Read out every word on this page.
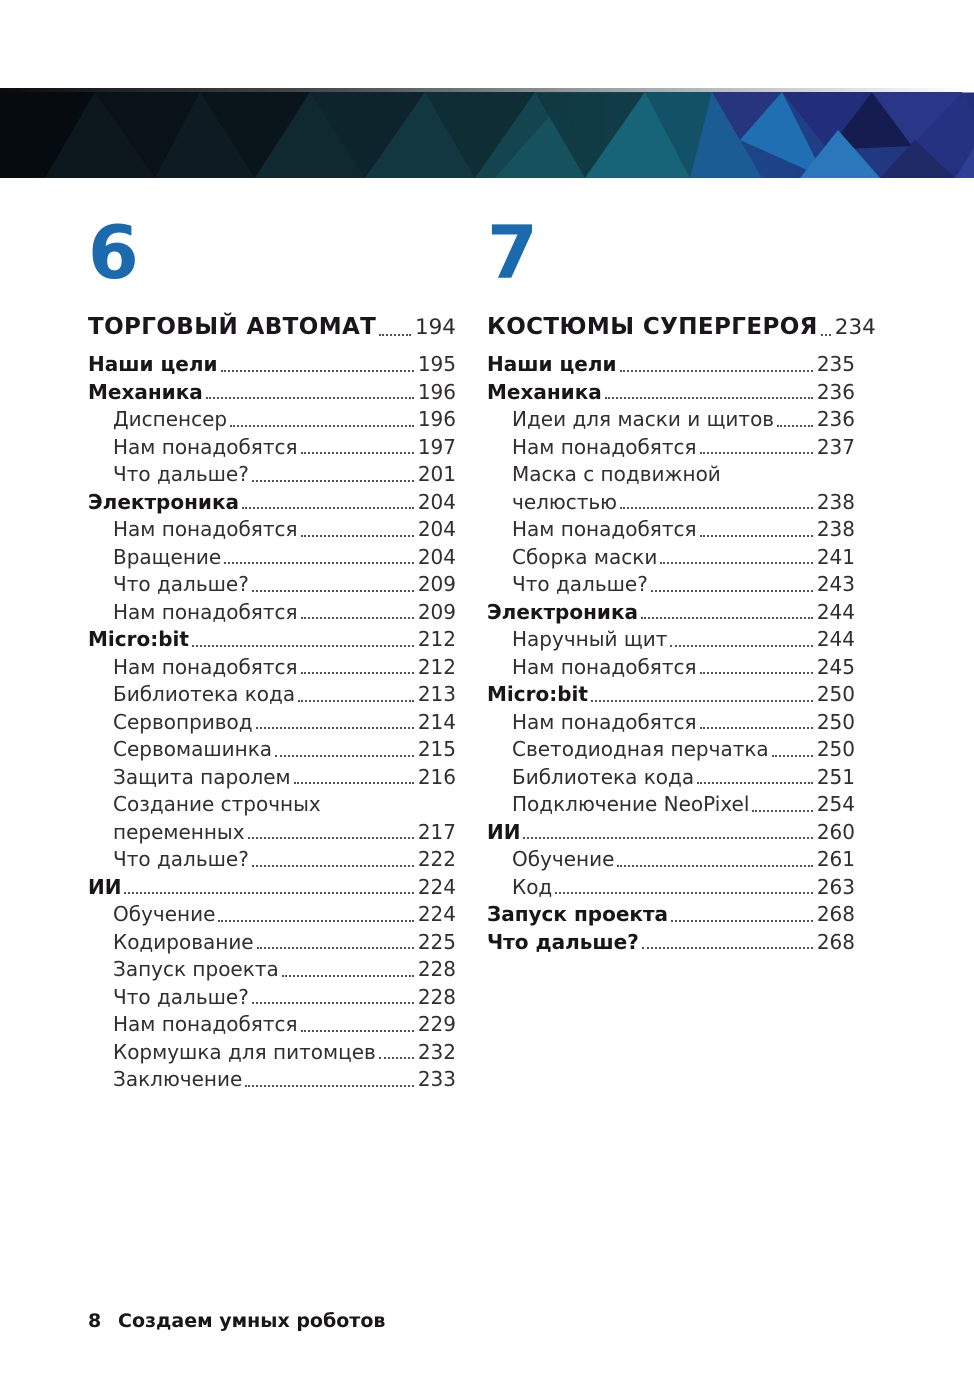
6
ТОРГОВЫЙ АВТОМАТ 194
Наши цели	195
Механика	196
Диспенсер	196
Нам понадобятся	197
Что дальше?	201
Электроника	204
Нам понадобятся	204
Вращение	204
Что дальше?	209
Нам понадобятся	209
Micro:bit	212
Нам понадобятся	212
Библиотека кода	213
Сервопривод	214
Сервомашинка	215
Защита паролем	216
Создание строчных
переменных	217
Что дальше?	222
ИИ	224
Обучение	224
Кодирование	225
Запуск проекта	228
Что дальше?	228
Нам понадобятся	229
Кормушка для питомцев 232
Заключение	233
7
КОСТЮМЫ СУПЕРГЕРОЯ 234
Наши цели	235
Механика	236
Идеи для маски и щитов 236
Нам понадобятся	237
Маска с подвижной
челюстью	238
Нам понадобятся	238
Сборка маски	241
Что дальше?	243
Электроника	244
Наручный щит	244
Нам понадобятся	245
Micro:bit	250
Нам понадобятся	250
Светодиодная перчатка 250
Библиотека кода	251
Подключение NeoPixel	254
ИИ	260
Обучение	261
Код	263
Запуск проекта	268
Что дальше?	268
8 Создаем умных роботов
